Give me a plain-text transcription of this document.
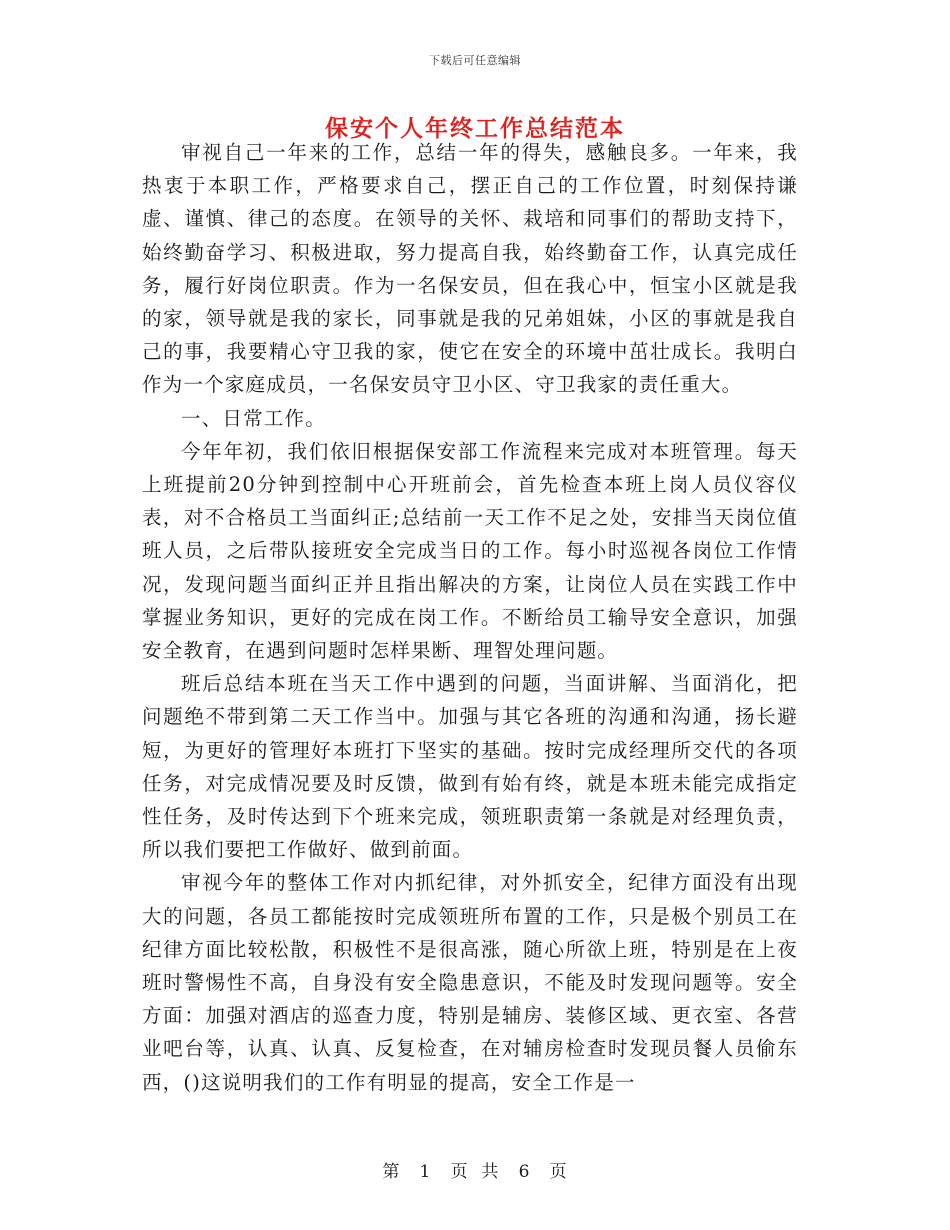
下载后可任意编辑
保安个人年终工作总结范本

审视自己一年来的工作，总结一年的得失，感触良多。一年来，我热衷于本职工作，严格要求自己，摆正自己的工作位置，时刻保持谦虚、谨慎、律己的态度。在领导的关怀、栽培和同事们的帮助支持下，始终勤奋学习、积极进取，努力提高自我，始终勤奋工作，认真完成任务，履行好岗位职责。作为一名保安员，但在我心中，恒宝小区就是我的家，领导就是我的家长，同事就是我的兄弟姐妹，小区的事就是我自己的事，我要精心守卫我的家，使它在安全的环境中茁壮成长。我明白作为一个家庭成员，一名保安员守卫小区、守卫我家的责任重大。

一、日常工作。

今年年初，我们依旧根据保安部工作流程来完成对本班管理。每天上班提前20分钟到控制中心开班前会，首先检查本班上岗人员仪容仪表，对不合格员工当面纠正;总结前一天工作不足之处，安排当天岗位值班人员，之后带队接班安全完成当日的工作。每小时巡视各岗位工作情况，发现问题当面纠正并且指出解决的方案，让岗位人员在实践工作中掌握业务知识，更好的完成在岗工作。不断给员工输导安全意识，加强安全教育，在遇到问题时怎样果断、理智处理问题。

班后总结本班在当天工作中遇到的问题，当面讲解、当面消化，把问题绝不带到第二天工作当中。加强与其它各班的沟通和沟通，扬长避短，为更好的管理好本班打下坚实的基础。按时完成经理所交代的各项任务，对完成情况要及时反馈，做到有始有终，就是本班未能完成指定性任务，及时传达到下个班来完成，领班职责第一条就是对经理负责，所以我们要把工作做好、做到前面。

审视今年的整体工作对内抓纪律，对外抓安全，纪律方面没有出现大的问题，各员工都能按时完成领班所布置的工作，只是极个别员工在纪律方面比较松散，积极性不是很高涨，随心所欲上班，特别是在上夜班时警惕性不高，自身没有安全隐患意识，不能及时发现问题等。安全方面：加强对酒店的巡查力度，特别是辅房、装修区域、更衣室、各营业吧台等，认真、认真、反复检查，在对辅房检查时发现员餐人员偷东西，()这说明我们的工作有明显的提高，安全工作是一

第 1 页  共 6 页
